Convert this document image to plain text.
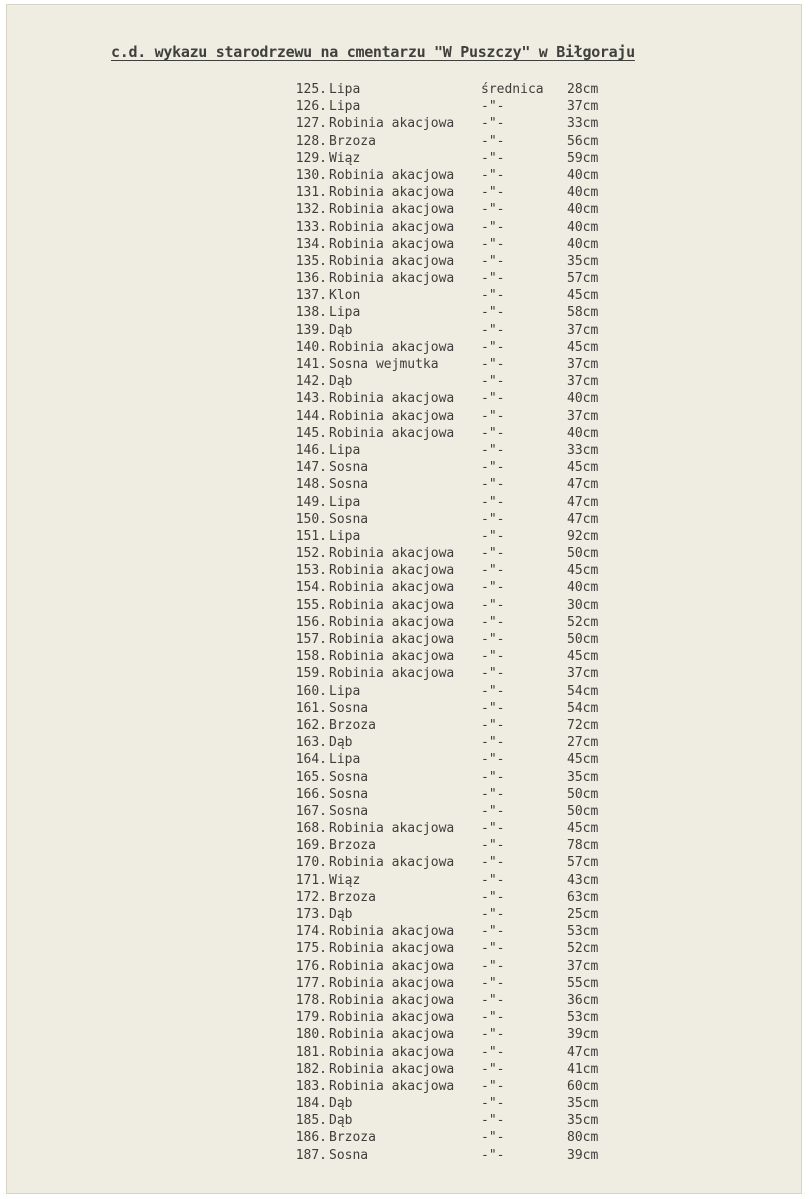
c.d. wykazu starodrzewu na cmentarzu "W Puszczy" w Biłgoraju
125. Lipa	średnica 28cm
126. Lipa	-"-	37cm
127. Robinia akacjowa -"-	33cm
128. Brzoza	-"-	56cm
129. Wiąz	-"-	59cm
130. Robinia akacjowa -"-	40cm
131. Robinia akacjowa -"-	40cm
132. Robinia akacjowa -"-	40cm
133. Robinia akacjowa -"-	40cm
134. Robinia akacjowa -"-	40cm
135. Robinia akacjowa -"-	35cm
136. Robinia akacjowa -"-	57cm
137. Klon	-"-	45cm
138. Lipa	-"-	58cm
139. Dąb	-"-	37cm
140. Robinia akacjowa -"-	45cm
141. Sosna wejmutka	-"-	37cm
142. Dąb	-"-	37cm
143. Robinia akacjowa -"-	40cm
144. Robinia akacjowa -"-	37cm
145. Robinia akacjowa -"-	40cm
146. Lipa	-"-	33cm
147. Sosna	-"-	45cm
148. Sosna	-"-	47cm
149. Lipa	-"-	47cm
150. Sosna	-"-	47cm
151. Lipa	-"-	92cm
152. Robinia akacjowa -"-	50cm
153. Robinia akacjowa -"-	45cm
154. Robinia akacjowa -"-	40cm
155. Robinia akacjowa -"-	30cm
156. Robinia akacjowa -"-	52cm
157. Robinia akacjowa -"-	50cm
158. Robinia akacjowa -"-	45cm
159. Robinia akacjowa -"-	37cm
160. Lipa	-"-	54cm
161. Sosna	-"-	54cm
162. Brzoza	-"-	72cm
163. Dąb	-"-	27cm
164. Lipa	-"-	45cm
165. Sosna	-"-	35cm
166. Sosna	-"-	50cm
167. Sosna	-"-	50cm
168. Robinia akacjowa -"-	45cm
169. Brzoza	-"-	78cm
170. Robinia akacjowa -"-	57cm
171. Wiąz	-"-	43cm
172. Brzoza	-"-	63cm
173. Dąb	-"-	25cm
174. Robinia akacjowa -"-	53cm
175. Robinia akacjowa -"-	52cm
176. Robinia akacjowa -"-	37cm
177. Robinia akacjowa -"-	55cm
178. Robinia akacjowa -"-	36cm
179. Robinia akacjowa -"-	53cm
180. Robinia akacjowa -"-	39cm
181. Robinia akacjowa -"-	47cm
182. Robinia akacjowa -"-	41cm
183. Robinia akacjowa -"-	60cm
184. Dąb	-"-	35cm
185. Dąb	-"-	35cm
186. Brzoza	-"-	80cm
187. Sosna	-"-	39cm
